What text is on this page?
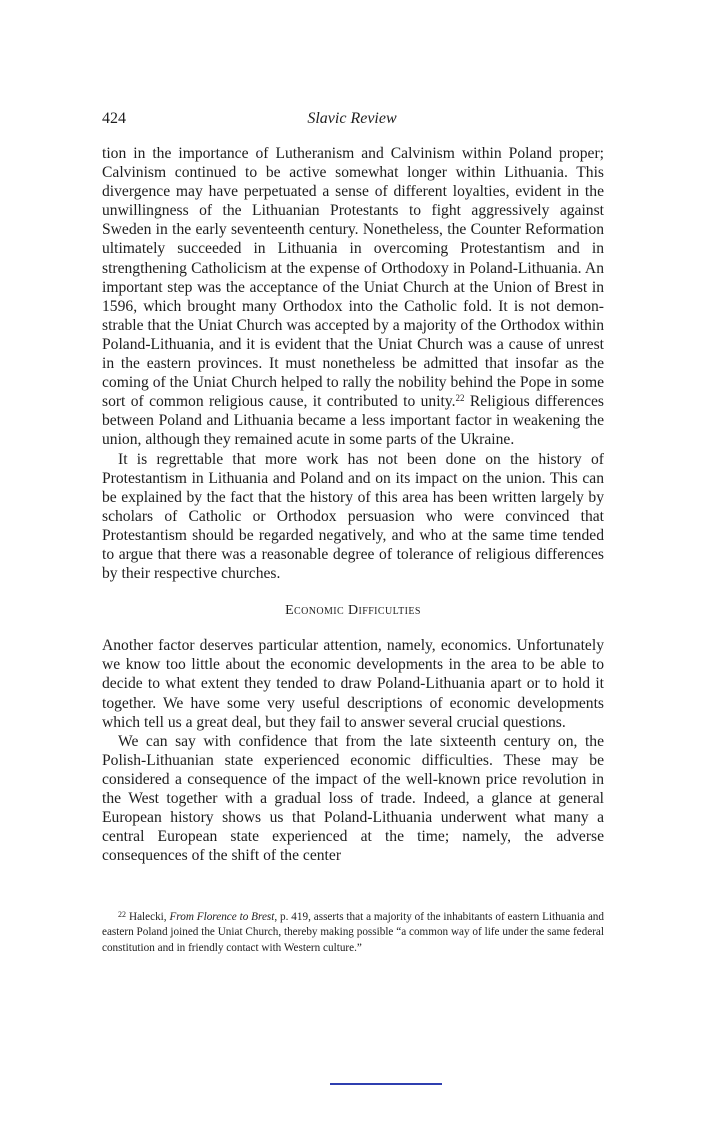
424	Slavic Review

tion in the importance of Lutheranism and Calvinism within Poland proper; Calvinism continued to be active somewhat longer within Lithuania. This divergence may have perpetuated a sense of different loyalties, evident in the unwillingness of the Lithuanian Protestants to fight aggressively against Sweden in the early seventeenth century. Nonetheless, the Counter Reformation ultimately succeeded in Lithuania in overcoming Protestantism and in strengthening Catholicism at the expense of Orthodoxy in Poland-Lithuania. An important step was the acceptance of the Uniat Church at the Union of Brest in 1596, which brought many Orthodox into the Catholic fold. It is not demonstrable that the Uniat Church was accepted by a majority of the Orthodox within Poland-Lithuania, and it is evident that the Uniat Church was a cause of unrest in the eastern provinces. It must nonetheless be admitted that insofar as the coming of the Uniat Church helped to rally the nobility behind the Pope in some sort of common religious cause, it contributed to unity.$^{22}$ Religious differences between Poland and Lithuania became a less important factor in weakening the union, although they remained acute in some parts of the Ukraine.

It is regrettable that more work has not been done on the history of Protestantism in Lithuania and Poland and on its impact on the union. This can be explained by the fact that the history of this area has been written largely by scholars of Catholic or Orthodox persuasion who were convinced that Protestantism should be regarded negatively, and who at the same time tended to argue that there was a reasonable degree of tolerance of religious differences by their respective churches.

Economic Difficulties

Another factor deserves particular attention, namely, economics. Unfortunately we know too little about the economic developments in the area to be able to decide to what extent they tended to draw Poland-Lithuania apart or to hold it together. We have some very useful descriptions of economic developments which tell us a great deal, but they fail to answer several crucial questions.

We can say with confidence that from the late sixteenth century on, the Polish-Lithuanian state experienced economic difficulties. These may be considered a consequence of the impact of the well-known price revolution in the West together with a gradual loss of trade. Indeed, a glance at general European history shows us that Poland-Lithuania underwent what many a central European state experienced at the time; namely, the adverse consequences of the shift of the center

$^{22}$ Halecki, From Florence to Brest, p. 419, asserts that a majority of the inhabitants of eastern Lithuania and eastern Poland joined the Uniat Church, thereby making possible “a common way of life under the same federal constitution and in friendly contact with Western culture.”
